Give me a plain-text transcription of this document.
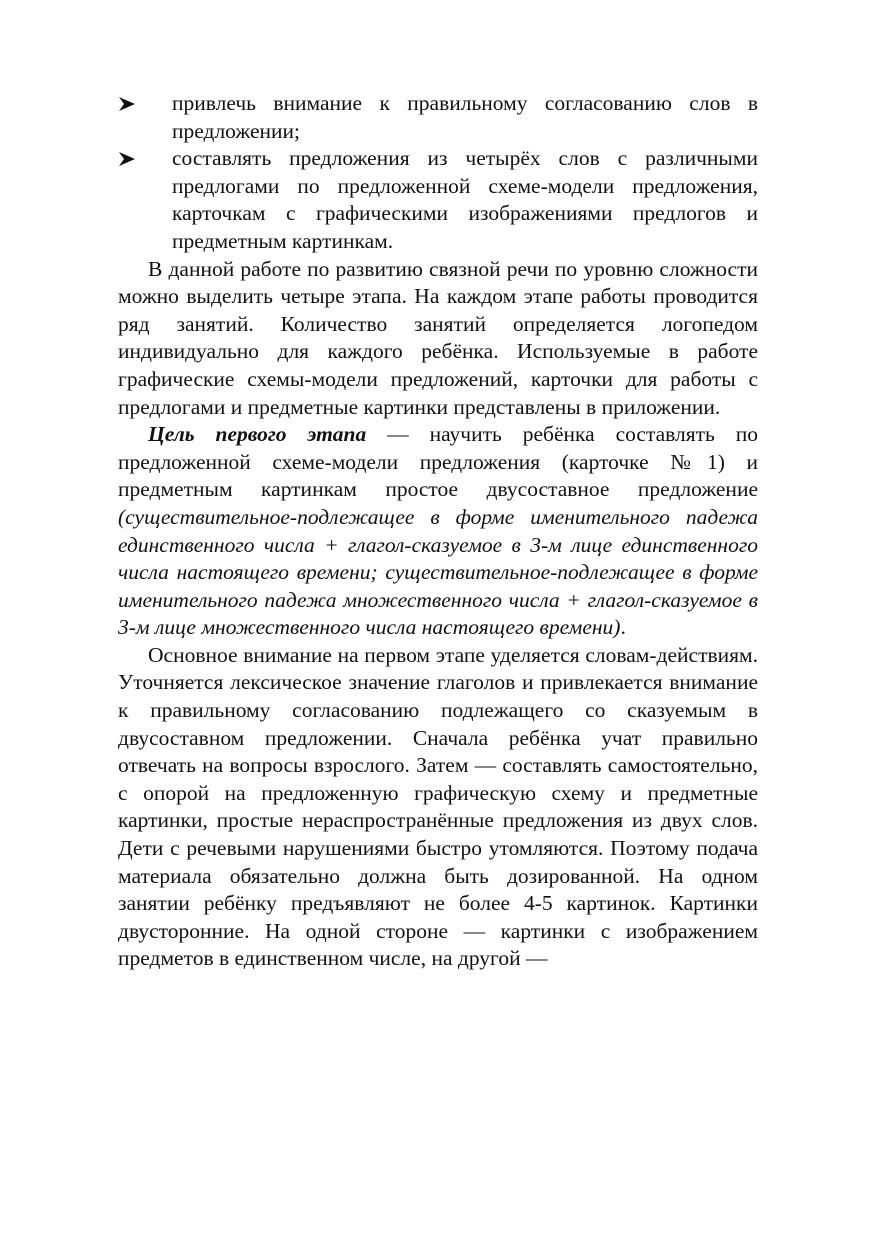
привлечь внимание к правильному согласованию слов в предложении;
составлять предложения из четырёх слов с различными предлогами по предложенной схеме-модели предложения, карточкам с графическими изображениями предлогов и предметным картинкам.

В данной работе по развитию связной речи по уровню сложности можно выделить четыре этапа. На каждом этапе работы проводится ряд занятий. Количество занятий определяется логопедом индивидуально для каждого ребёнка. Используемые в работе графические схемы-модели предложений, карточки для работы с предлогами и предметные картинки представлены в приложении.

Цель первого этапа — научить ребёнка составлять по предложенной схеме-модели предложения (карточке №1) и предметным картинкам простое двусоставное предложение (существительное-подлежащее в форме именительного падежа единственного числа + глагол-сказуемое в 3-м лице единственного числа настоящего времени; существительное-подлежащее в форме именительного падежа множественного числа + глагол-сказуемое в 3-м лице множественного числа настоящего времени).

Основное внимание на первом этапе уделяется словам-действиям. Уточняется лексическое значение глаголов и привлекается внимание к правильному согласованию подлежащего со сказуемым в двусоставном предложении. Сначала ребёнка учат правильно отвечать на вопросы взрослого. Затем — составлять самостоятельно, с опорой на предложенную графическую схему и предметные картинки, простые нераспространённые предложения из двух слов. Дети с речевыми нарушениями быстро утомляются. Поэтому подача материала обязательно должна быть дозированной. На одном занятии ребёнку предъявляют не более 4-5 картинок. Картинки двусторонние. На одной стороне — картинки с изображением предметов в единственном числе, на другой —
